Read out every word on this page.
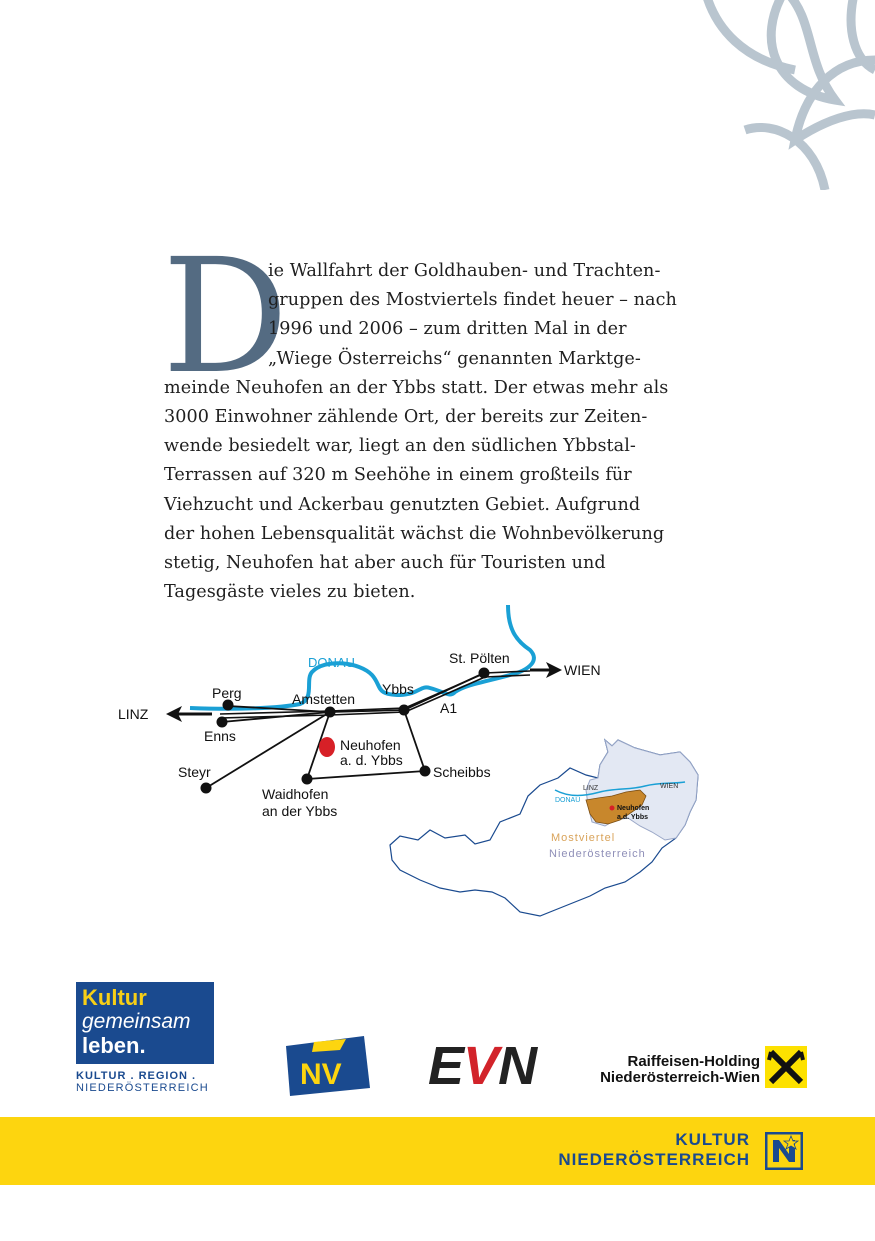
D
ie Wallfahrt der Goldhauben- und Trachten-
gruppen des Mostviertels findet heuer – nach
1996 und 2006 – zum dritten Mal in der
„Wiege Österreichs“ genannten Marktge-
meinde Neuhofen an der Ybbs statt. Der etwas mehr als
3000 Einwohner zählende Ort, der bereits zur Zeiten-
wende besiedelt war, liegt an den südlichen Ybbstal-
Terrassen auf 320 m Seehöhe in einem großteils für
Viehzucht und Ackerbau genutzten Gebiet. Aufgrund
der hohen Lebensqualität wächst die Wohnbevölkerung
stetig, Neuhofen hat aber auch für Touristen und
Tagesgäste vieles zu bieten.
DONAU
A1
LINZ
WIEN
Perg
Enns
Amstetten
Ybbs
St. Pölten
Steyr
Neuhofen
a. d. Ybbs
Waidhofen
an der Ybbs
Scheibbs
LINZ	WIEN
DONAU
Neuhofen
a.d. Ybbs
Mostviertel
Niederösterreich
Kultur
gemeinsam
leben.
KULTUR . REGION .
NIEDERÖSTERREICH	NV EVN	Raiffeisen-Holding
Niederösterreich-Wien
KULTUR
NIEDERÖSTERREICH
